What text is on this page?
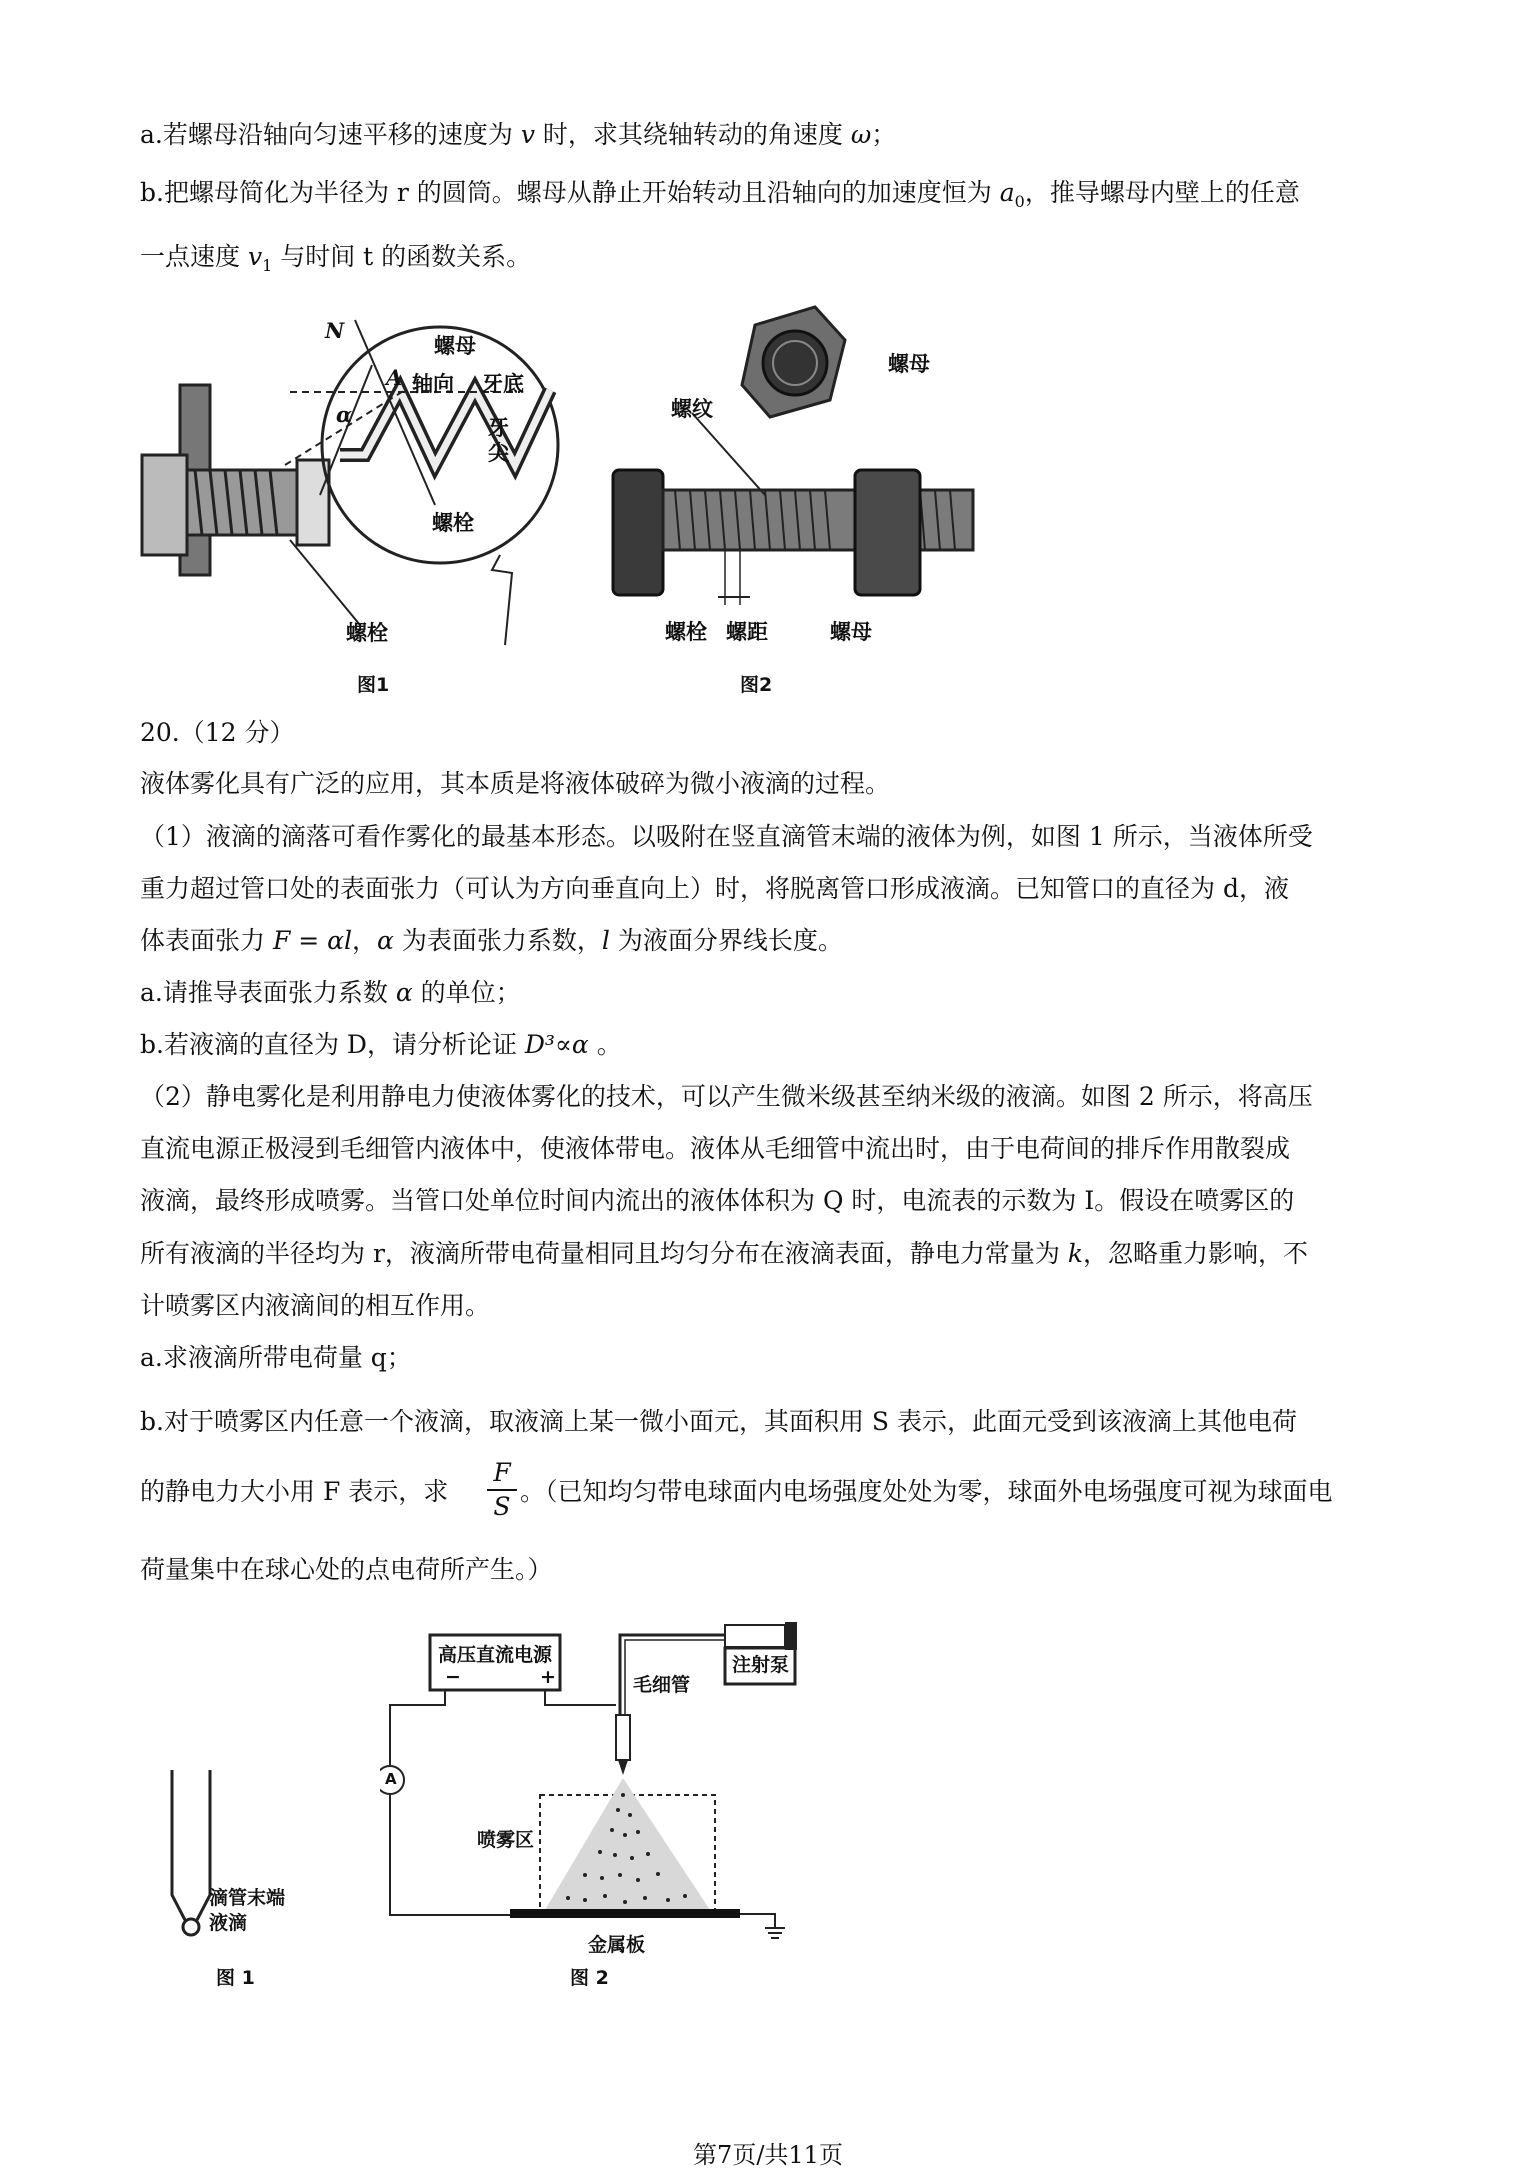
a.若螺母沿轴向匀速平移的速度为 v 时，求其绕轴转动的角速度 ω；
b.把螺母简化为半径为 r 的圆筒。螺母从静止开始转动且沿轴向的加速度恒为 $a_0$，推导螺母内壁上的任意
一点速度 $v_1$ 与时间 t 的函数关系。
N
A
α
螺母
轴向 牙底
牙
尖
螺栓
螺栓
图1
螺母
螺纹
螺栓 螺距	螺母
图2
20.（12 分）
液体雾化具有广泛的应用，其本质是将液体破碎为微小液滴的过程。
（1）液滴的滴落可看作雾化的最基本形态。以吸附在竖直滴管末端的液体为例，如图 1 所示，当液体所受
重力超过管口处的表面张力（可认为方向垂直向上）时，将脱离管口形成液滴。已知管口的直径为 d，液
体表面张力 F = αl，α 为表面张力系数，l 为液面分界线长度。
a.请推导表面张力系数 α 的单位；
b.若液滴的直径为 D，请分析论证 D³∝α 。
（2）静电雾化是利用静电力使液体雾化的技术，可以产生微米级甚至纳米级的液滴。如图 2 所示，将高压
直流电源正极浸到毛细管内液体中，使液体带电。液体从毛细管中流出时，由于电荷间的排斥作用散裂成
液滴，最终形成喷雾。当管口处单位时间内流出的液体体积为 Q 时，电流表的示数为 I。假设在喷雾区的
所有液滴的半径均为 r，液滴所带电荷量相同且均匀分布在液滴表面，静电力常量为 k，忽略重力影响，不
计喷雾区内液滴间的相互作用。
a.求液滴所带电荷量 q；
b.对于喷雾区内任意一个液滴，取液滴上某一微小面元，其面积用 S 表示，此面元受到该液滴上其他电荷
的静电力大小用 F 表示，求
F
S
。（已知均匀带电球面内电场强度处处为零，球面外电场强度可视为球面电
荷量集中在球心处的点电荷所产生。）
滴管末端
液滴
图 1
高压直流电源
−	+
注射泵
毛细管
A
喷雾区
金属板
图 2
第7页/共11页
